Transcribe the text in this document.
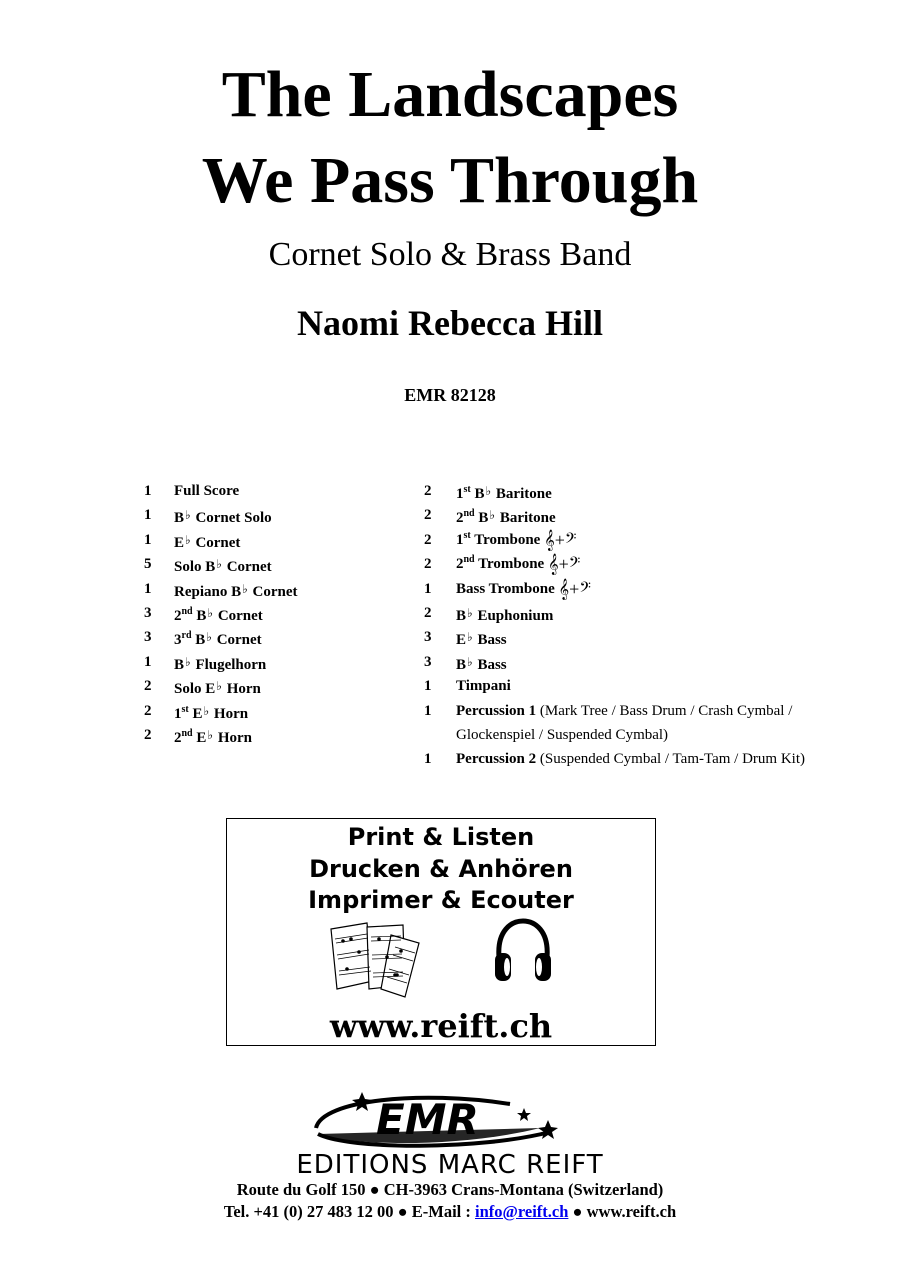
The Landscapes
We Pass Through
Cornet Solo & Brass Band
Naomi Rebecca Hill
EMR 82128
1 Full Score
1 B♭ Cornet Solo
1 E♭ Cornet
5 Solo B♭ Cornet
1 Repiano B♭ Cornet
3 2nd B♭ Cornet
3 3rd B♭ Cornet
1 B♭ Flugelhorn
2 Solo E♭ Horn
2 1st E♭ Horn
2 2nd E♭ Horn
2 1st B♭ Baritone
2 2nd B♭ Baritone
2 1st Trombone 𝄞+𝄢
2 2nd Trombone 𝄞+𝄢
1 Bass Trombone 𝄞+𝄢
2 B♭ Euphonium
3 E♭ Bass
3 B♭ Bass
1 Timpani
1 Percussion 1 (Mark Tree / Bass Drum / Crash Cymbal / Glockenspiel / Suspended Cymbal)
1 Percussion 2 (Suspended Cymbal / Tam-Tam / Drum Kit)
Print & Listen
Drucken & Anhören
Imprimer & Ecouter
www.reift.ch
EMR
EDITIONS MARC REIFT
Route du Golf 150 ● CH-3963 Crans-Montana (Switzerland)
Tel. +41 (0) 27 483 12 00 ● E-Mail : info@reift.ch ● www.reift.ch
